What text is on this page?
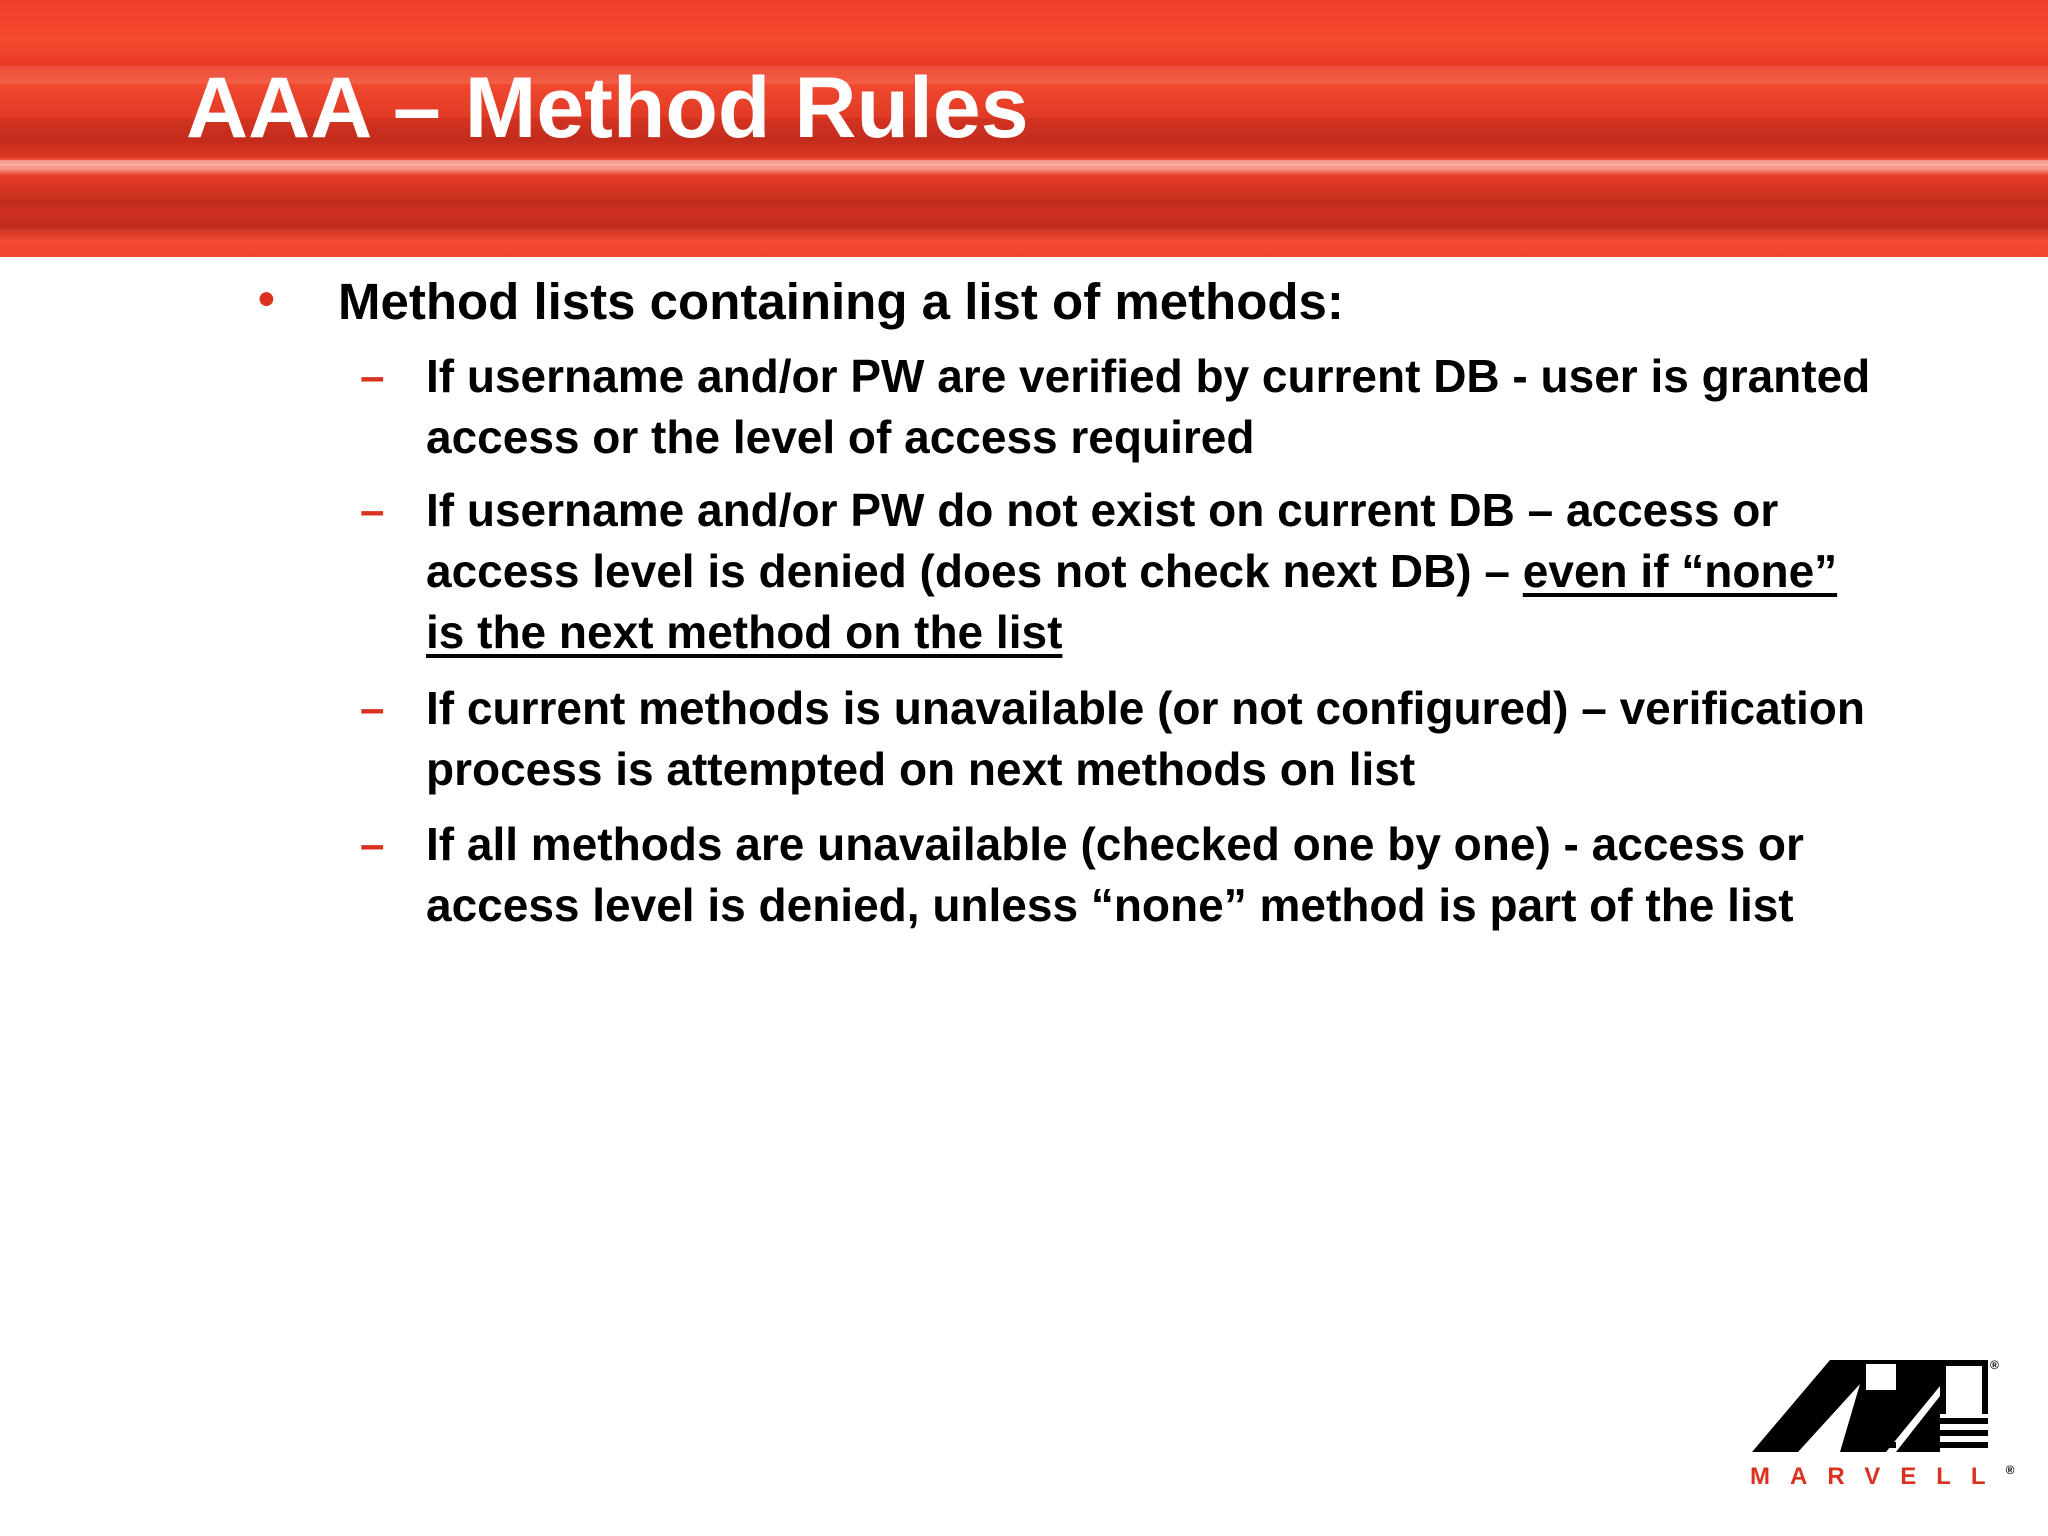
AAA – Method Rules
• Method lists containing a list of methods:
– If username and/or PW are verified by current DB - user is granted access or the level of access required
– If username and/or PW do not exist on current DB – access or access level is denied (does not check next DB) – even if “none” is the next method on the list
– If current methods is unavailable (or not configured) – verification process is attempted on next methods on list
– If all methods are unavailable (checked one by one) - access or access level is denied, unless “none” method is part of the list
®
MARVELL®
